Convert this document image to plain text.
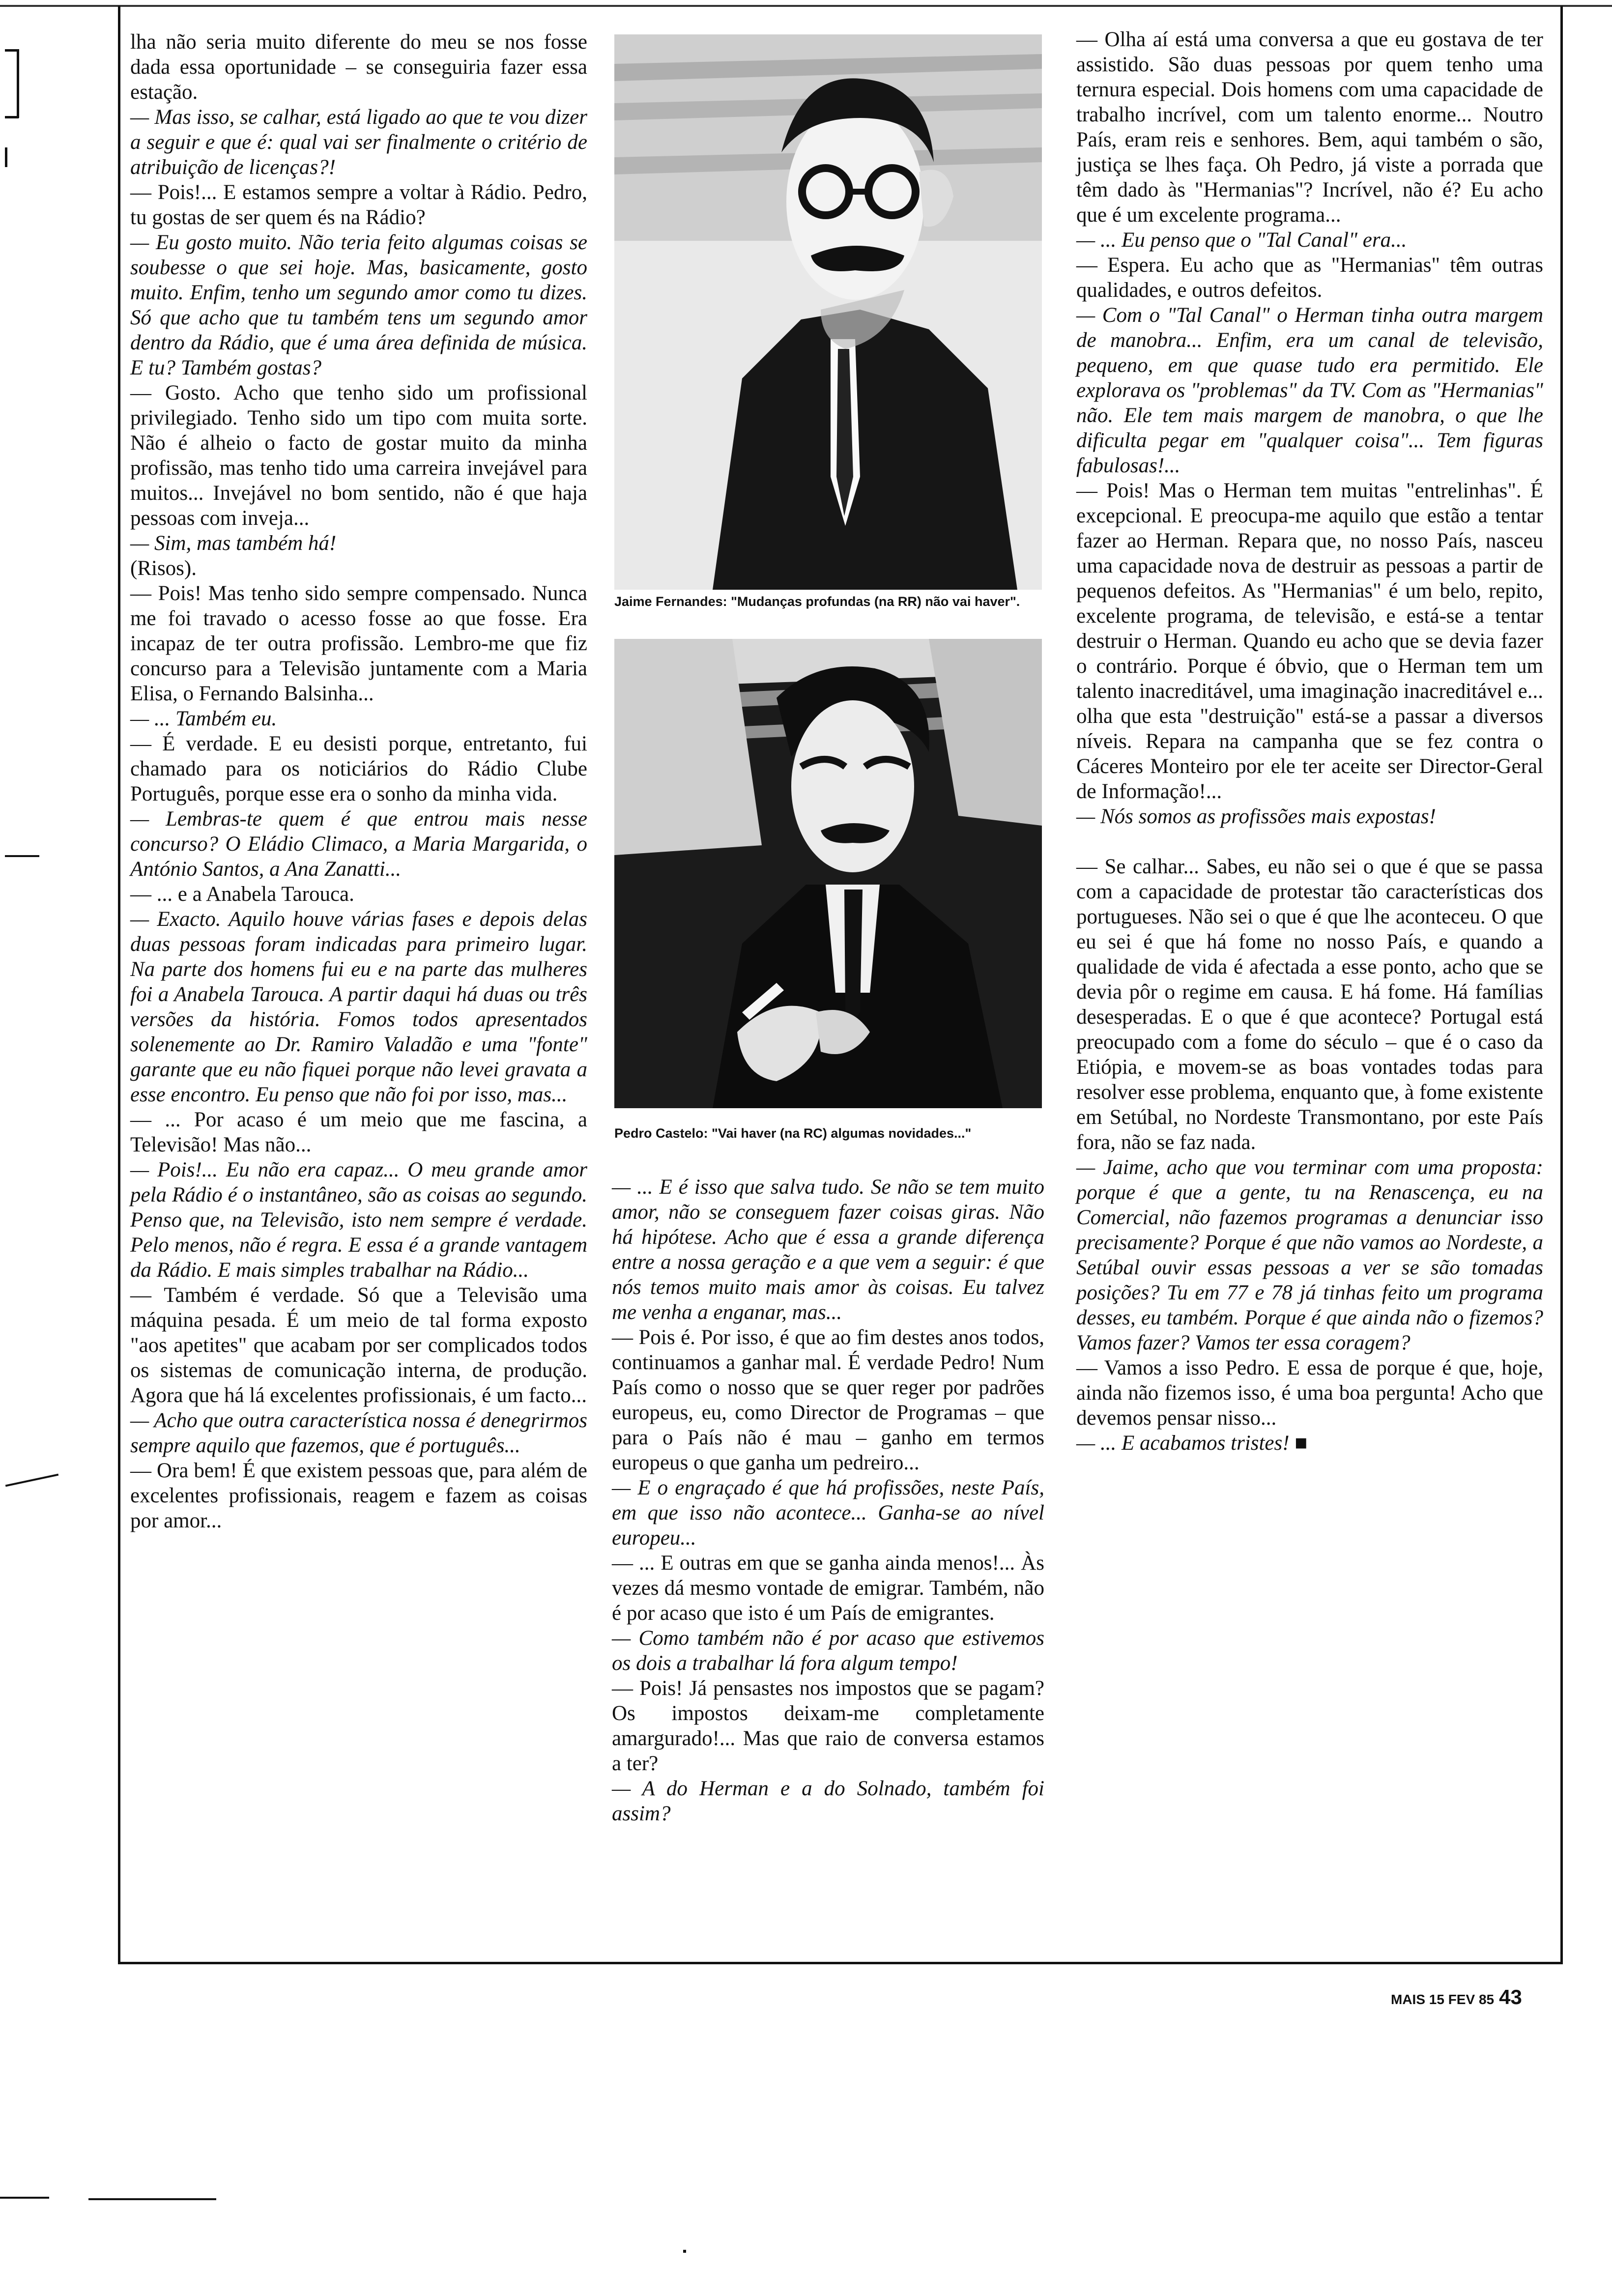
lha não seria muito diferente do meu se nos fosse dada essa oportunidade – se conseguiria fazer essa estação.

— Mas isso, se calhar, está ligado ao que te vou dizer a seguir e que é: qual vai ser finalmente o critério de atribuição de licenças?!

— Pois!... E estamos sempre a voltar à Rádio. Pedro, tu gostas de ser quem és na Rádio?

— Eu gosto muito. Não teria feito algumas coisas se soubesse o que sei hoje. Mas, basicamente, gosto muito. Enfim, tenho um segundo amor como tu dizes. Só que acho que tu também tens um segundo amor dentro da Rádio, que é uma área definida de música. E tu? Também gostas?

— Gosto. Acho que tenho sido um profissional privilegiado. Tenho sido um tipo com muita sorte. Não é alheio o facto de gostar muito da minha profissão, mas tenho tido uma carreira invejável para muitos... Invejável no bom sentido, não é que haja pessoas com inveja...

— Sim, mas também há!

(Risos).

— Pois! Mas tenho sido sempre compensado. Nunca me foi travado o acesso fosse ao que fosse. Era incapaz de ter outra profissão. Lembro-me que fiz concurso para a Televisão juntamente com a Maria Elisa, o Fernando Balsinha...

— ... Também eu.

— É verdade. E eu desisti porque, entretanto, fui chamado para os noticiários do Rádio Clube Português, porque esse era o sonho da minha vida.

— Lembras-te quem é que entrou mais nesse concurso? O Eládio Climaco, a Maria Margarida, o António Santos, a Ana Zanatti...

— ... e a Anabela Tarouca.

— Exacto. Aquilo houve várias fases e depois delas duas pessoas foram indicadas para primeiro lugar. Na parte dos homens fui eu e na parte das mulheres foi a Anabela Tarouca. A partir daqui há duas ou três versões da história. Fomos todos apresentados solenemente ao Dr. Ramiro Valadão e uma "fonte" garante que eu não fiquei porque não levei gravata a esse encontro. Eu penso que não foi por isso, mas...

— ... Por acaso é um meio que me fascina, a Televisão! Mas não...

— Pois!... Eu não era capaz... O meu grande amor pela Rádio é o instantâneo, são as coisas ao segundo. Penso que, na Televisão, isto nem sempre é verdade. Pelo menos, não é regra. E essa é a grande vantagem da Rádio. E mais simples trabalhar na Rádio...

— Também é verdade. Só que a Televisão uma máquina pesada. É um meio de tal forma exposto "aos apetites" que acabam por ser complicados todos os sistemas de comunicação interna, de produção. Agora que há lá excelentes profissionais, é um facto...

— Acho que outra característica nossa é denegrirmos sempre aquilo que fazemos, que é português...

— Ora bem! É que existem pessoas que, para além de excelentes profissionais, reagem e fazem as coisas por amor...

Jaime Fernandes: "Mudanças profundas (na RR) não vai haver".
Pedro Castelo: "Vai haver (na RC) algumas novidades..."

— ... E é isso que salva tudo. Se não se tem muito amor, não se conseguem fazer coisas giras. Não há hipótese. Acho que é essa a grande diferença entre a nossa geração e a que vem a seguir: é que nós temos muito mais amor às coisas. Eu talvez me venha a enganar, mas...

— Pois é. Por isso, é que ao fim destes anos todos, continuamos a ganhar mal. É verdade Pedro! Num País como o nosso que se quer reger por padrões europeus, eu, como Director de Programas – que para o País não é mau – ganho em termos europeus o que ganha um pedreiro...

— E o engraçado é que há profissões, neste País, em que isso não acontece... Ganha-se ao nível europeu...

— ... E outras em que se ganha ainda menos!... Às vezes dá mesmo vontade de emigrar. Também, não é por acaso que isto é um País de emigrantes.

— Como também não é por acaso que estivemos os dois a trabalhar lá fora algum tempo!

— Pois! Já pensastes nos impostos que se pagam? Os impostos deixam-me completamente amargurado!... Mas que raio de conversa estamos a ter?

— A do Herman e a do Solnado, também foi assim?

— Olha aí está uma conversa a que eu gostava de ter assistido. São duas pessoas por quem tenho uma ternura especial. Dois homens com uma capacidade de trabalho incrível, com um talento enorme... Noutro País, eram reis e senhores. Bem, aqui também o são, justiça se lhes faça. Oh Pedro, já viste a porrada que têm dado às "Hermanias"? Incrível, não é? Eu acho que é um excelente programa...

— ... Eu penso que o "Tal Canal" era...

— Espera. Eu acho que as "Hermanias" têm outras qualidades, e outros defeitos.

— Com o "Tal Canal" o Herman tinha outra margem de manobra... Enfim, era um canal de televisão, pequeno, em que quase tudo era permitido. Ele explorava os "problemas" da TV. Com as "Hermanias" não. Ele tem mais margem de manobra, o que lhe dificulta pegar em "qualquer coisa"... Tem figuras fabulosas!...

— Pois! Mas o Herman tem muitas "entrelinhas". É excepcional. E preocupa-me aquilo que estão a tentar fazer ao Herman. Repara que, no nosso País, nasceu uma capacidade nova de destruir as pessoas a partir de pequenos defeitos. As "Hermanias" é um belo, repito, excelente programa, de televisão, e está-se a tentar destruir o Herman. Quando eu acho que se devia fazer o contrário. Porque é óbvio, que o Herman tem um talento inacreditável, uma imaginação inacreditável e... olha que esta "destruição" está-se a passar a diversos níveis. Repara na campanha que se fez contra o Cáceres Monteiro por ele ter aceite ser Director-Geral de Informação!...

— Nós somos as profissões mais expostas!

— Se calhar... Sabes, eu não sei o que é que se passa com a capacidade de protestar tão características dos portugueses. Não sei o que é que lhe aconteceu. O que eu sei é que há fome no nosso País, e quando a qualidade de vida é afectada a esse ponto, acho que se devia pôr o regime em causa. E há fome. Há famílias desesperadas. E o que é que acontece? Portugal está preocupado com a fome do século – que é o caso da Etiópia, e movem-se as boas vontades todas para resolver esse problema, enquanto que, à fome existente em Setúbal, no Nordeste Transmontano, por este País fora, não se faz nada.

— Jaime, acho que vou terminar com uma proposta: porque é que a gente, tu na Renascença, eu na Comercial, não fazemos programas a denunciar isso precisamente? Porque é que não vamos ao Nordeste, a Setúbal ouvir essas pessoas a ver se são tomadas posições? Tu em 77 e 78 já tinhas feito um programa desses, eu também. Porque é que ainda não o fizemos? Vamos fazer? Vamos ter essa coragem?

— Vamos a isso Pedro. E essa de porque é que, hoje, ainda não fizemos isso, é uma boa pergunta! Acho que devemos pensar nisso...

— ... E acabamos tristes! ■

MAIS 15 FEV 85 43
